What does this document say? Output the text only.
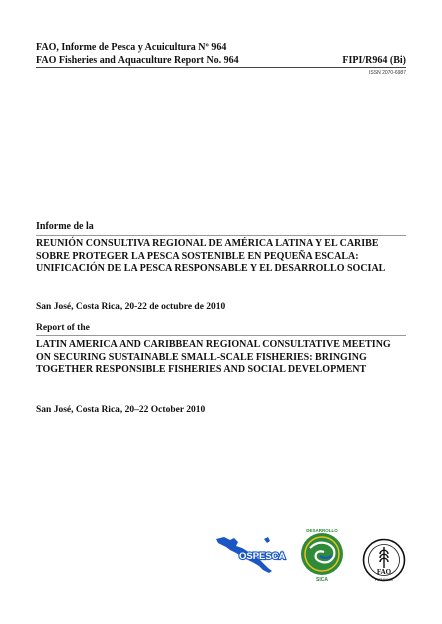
FAO, Informe de Pesca y Acuicultura Nº 964
FAO Fisheries and Aquaculture Report No. 964	FIPI/R964 (Bi)
ISSN 2070-6987
Informe de la
REUNIÓN CONSULTIVA REGIONAL DE AMÉRICA LATINA Y EL CARIBE SOBRE PROTEGER LA PESCA SOSTENIBLE EN PEQUEÑA ESCALA: UNIFICACIÓN DE LA PESCA RESPONSABLE Y EL DESARROLLO SOCIAL
San José, Costa Rica, 20-22 de octubre de 2010
Report of the
LATIN AMERICA AND CARIBBEAN REGIONAL CONSULTATIVE MEETING ON SECURING SUSTAINABLE SMALL-SCALE FISHERIES: BRINGING TOGETHER RESPONSIBLE FISHERIES AND SOCIAL DEVELOPMENT
San José, Costa Rica, 20–22 October 2010
OSPESCA
DESARROLLO
SICA
FAO
FIAT PANIS
